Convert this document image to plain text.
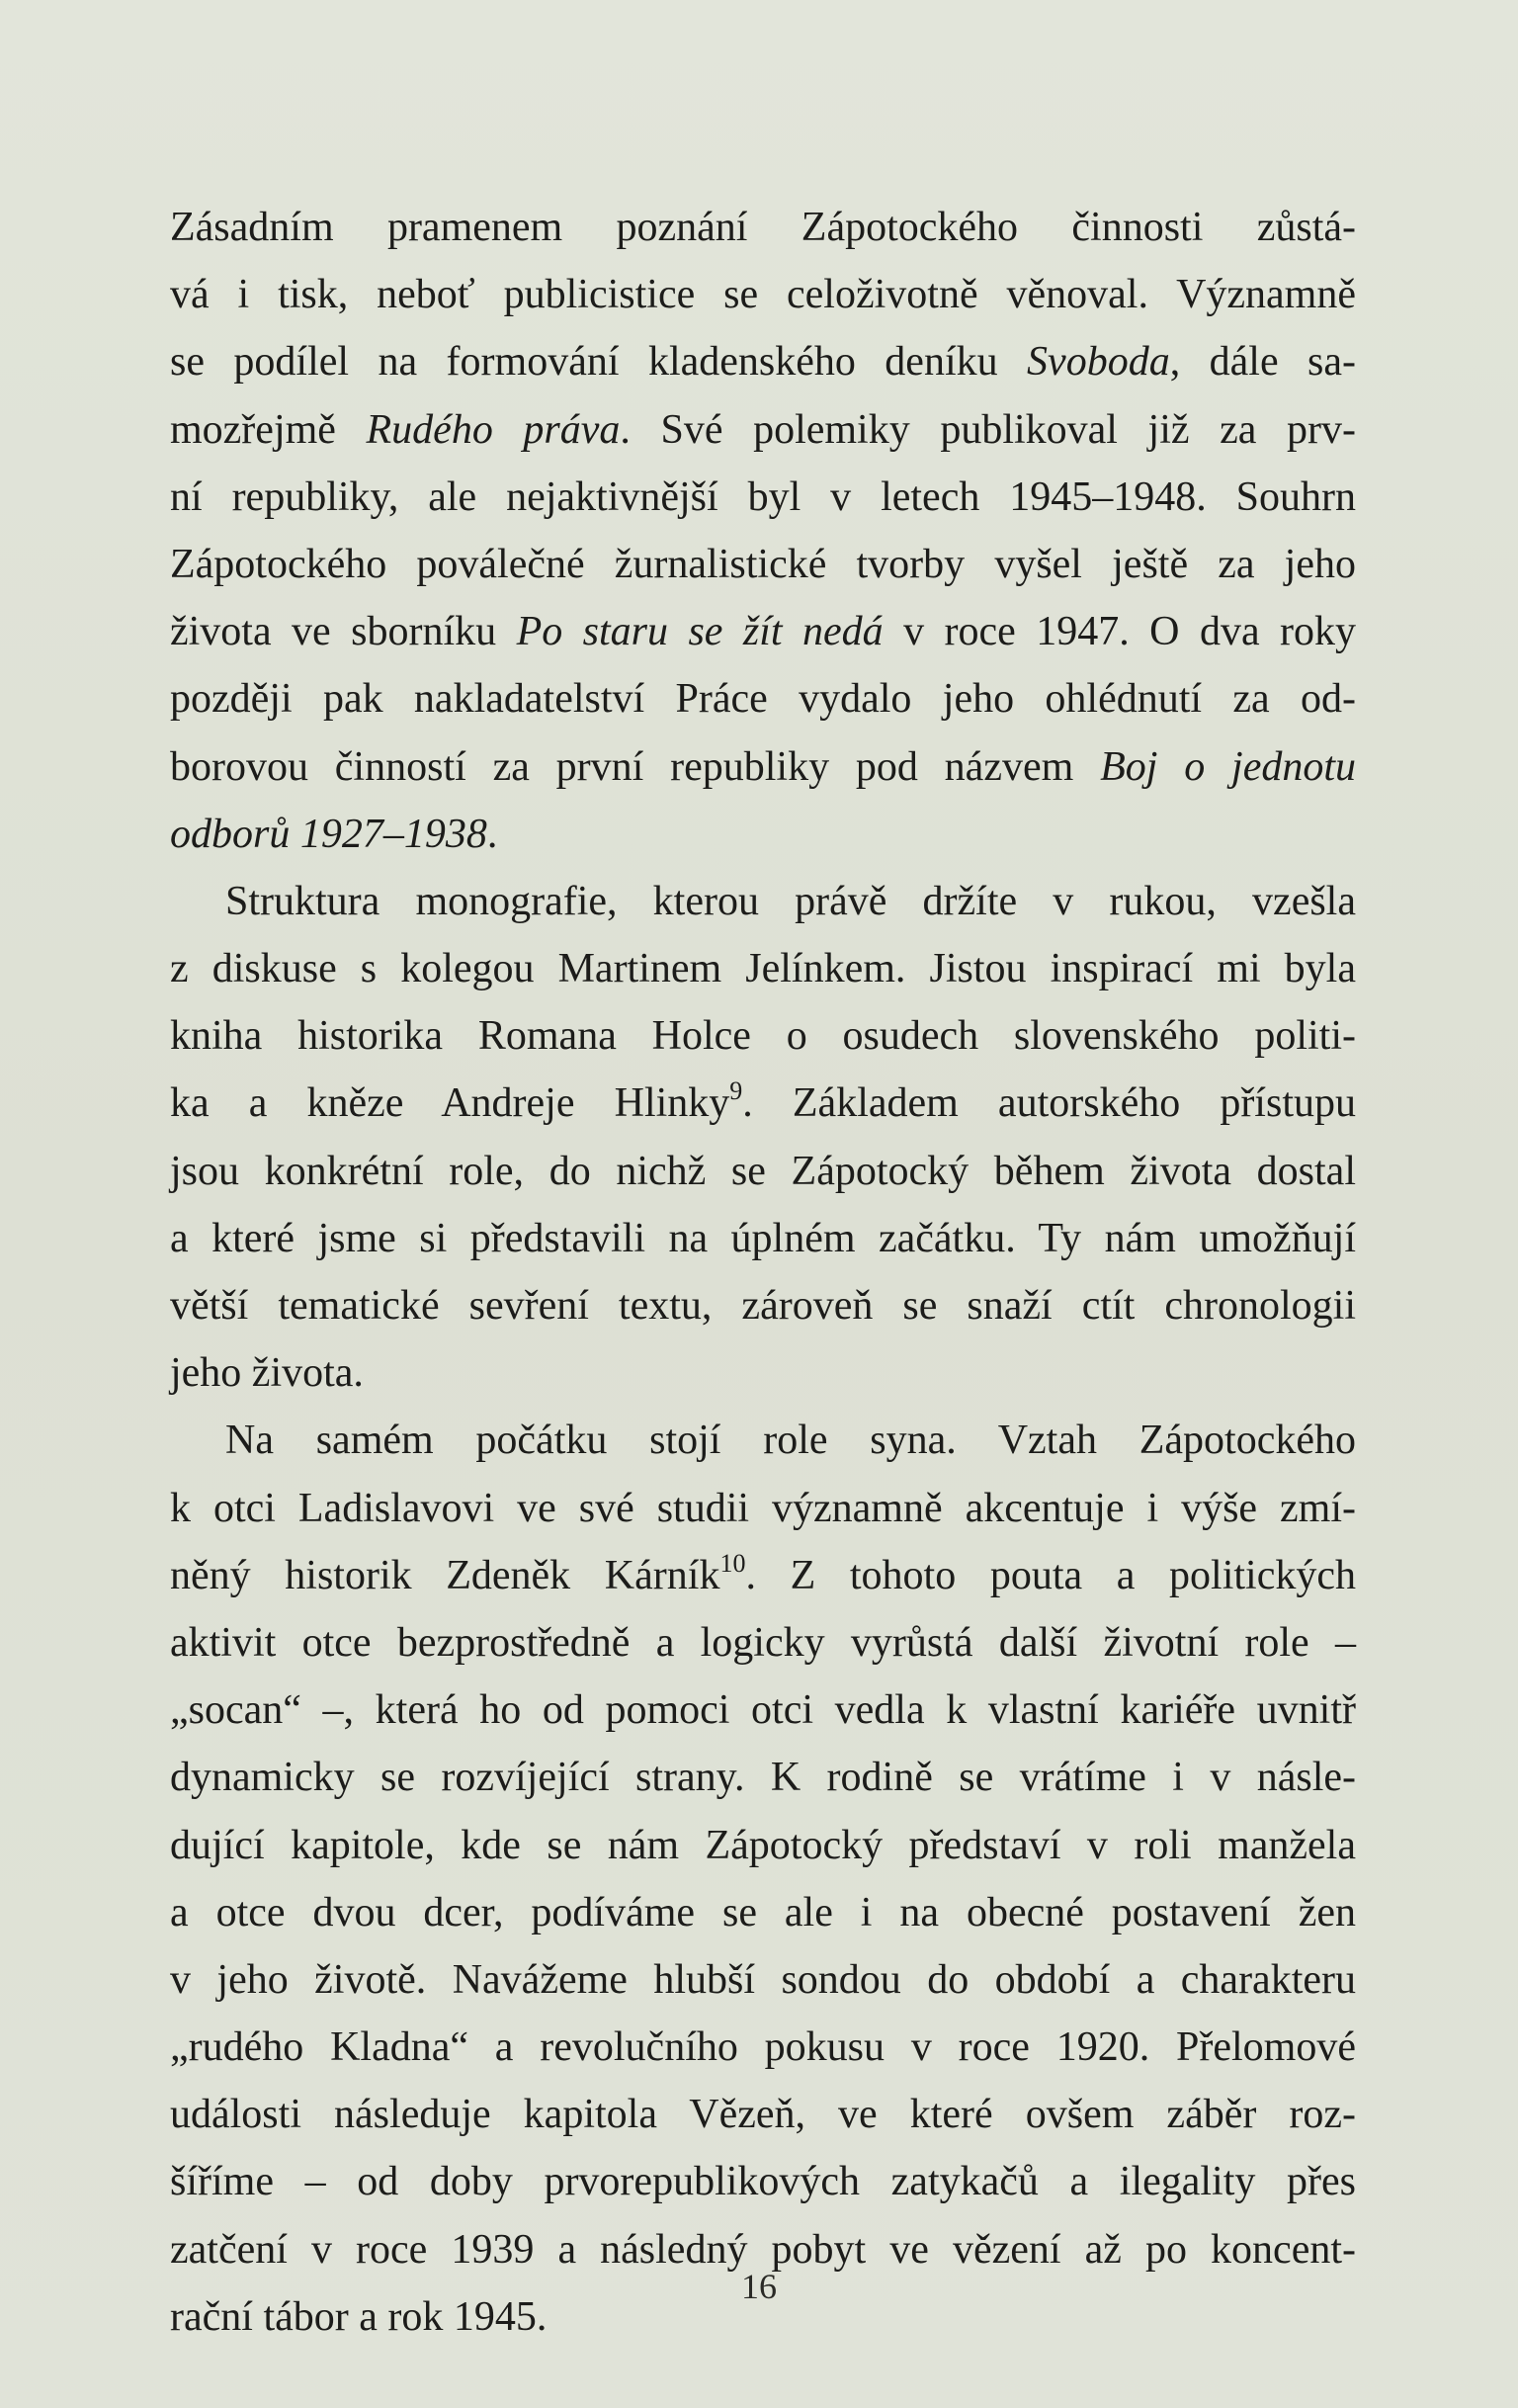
Zásadním pramenem poznání Zápotockého činnosti zůstá-
vá i tisk, neboť publicistice se celoživotně věnoval. Významně
se podílel na formování kladenského deníku Svoboda, dále sa-
mozřejmě Rudého práva. Své polemiky publikoval již za prv-
ní republiky, ale nejaktivnější byl v letech 1945–1948. Souhrn
Zápotockého poválečné žurnalistické tvorby vyšel ještě za jeho
života ve sborníku Po staru se žít nedá v roce 1947. O dva roky
později pak nakladatelství Práce vydalo jeho ohlédnutí za od-
borovou činností za první republiky pod názvem Boj o jednotu
odborů 1927–1938.
Struktura monografie, kterou právě držíte v rukou, vzešla
z diskuse s kolegou Martinem Jelínkem. Jistou inspirací mi byla
kniha historika Romana Holce o osudech slovenského politi-
ka a kněze Andreje Hlinky$^9$. Základem autorského přístupu
jsou konkrétní role, do nichž se Zápotocký během života dostal
a které jsme si představili na úplném začátku. Ty nám umožňují
větší tematické sevření textu, zároveň se snaží ctít chronologii
jeho života.
Na samém počátku stojí role syna. Vztah Zápotockého
k otci Ladislavovi ve své studii významně akcentuje i výše zmí-
něný historik Zdeněk Kárník$^{10}$. Z tohoto pouta a politických
aktivit otce bezprostředně a logicky vyrůstá další životní role –
„socan“ –, která ho od pomoci otci vedla k vlastní kariéře uvnitř
dynamicky se rozvíjející strany. K rodině se vrátíme i v násle-
dující kapitole, kde se nám Zápotocký představí v roli manžela
a otce dvou dcer, podíváme se ale i na obecné postavení žen
v jeho životě. Navážeme hlubší sondou do období a charakteru
„rudého Kladna“ a revolučního pokusu v roce 1920. Přelomové
události následuje kapitola Vězeň, ve které ovšem záběr roz-
šíříme – od doby prvorepublikových zatykačů a ilegality přes
zatčení v roce 1939 a následný pobyt ve vězení až po koncent-
rační tábor a rok 1945.
16
